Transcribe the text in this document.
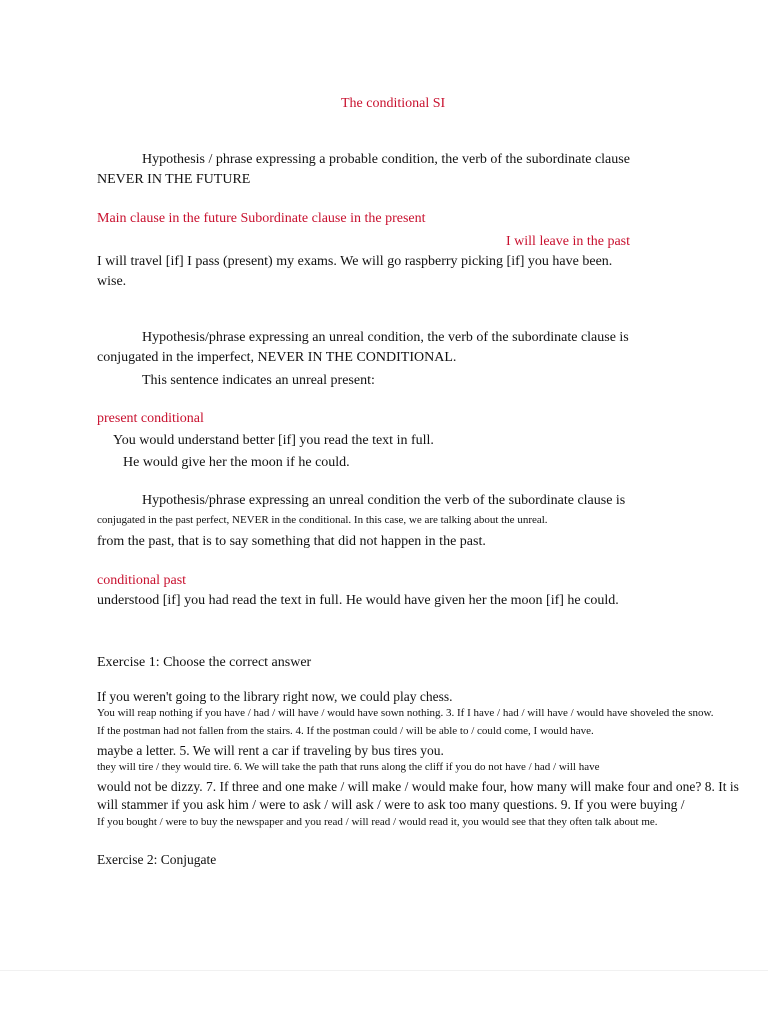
The conditional SI
Hypothesis / phrase expressing a probable condition, the verb of the subordinate clause
NEVER IN THE FUTURE
Main clause in the future Subordinate clause in the present
I will leave in the past
I will travel [if] I pass (present) my exams. We will go raspberry picking [if] you have been.
wise.
Hypothesis/phrase expressing an unreal condition, the verb of the subordinate clause is
conjugated in the imperfect, NEVER IN THE CONDITIONAL.
This sentence indicates an unreal present:
present conditional
You would understand better [if] you read the text in full.
He would give her the moon if he could.
Hypothesis/phrase expressing an unreal condition the verb of the subordinate clause is
conjugated in the past perfect, NEVER in the conditional. In this case, we are talking about the unreal.
from the past, that is to say something that did not happen in the past.
conditional past
understood [if] you had read the text in full. He would have given her the moon [if] he could.
Exercise 1: Choose the correct answer
If you weren't going to the library right now, we could play chess.
You will reap nothing if you have / had / will have / would have sown nothing. 3. If I have / had / will have / would have shoveled the snow.
If the postman had not fallen from the stairs. 4. If the postman could / will be able to / could come, I would have.
maybe a letter. 5. We will rent a car if traveling by bus tires you.
they will tire / they would tire. 6. We will take the path that runs along the cliff if you do not have / had / will have
would not be dizzy. 7. If three and one make / will make / would make four, how many will make four and one? 8. It is
will stammer if you ask him / were to ask / will ask / were to ask too many questions. 9. If you were buying /
If you bought / were to buy the newspaper and you read / will read / would read it, you would see that they often talk about me.
Exercise 2: Conjugate
